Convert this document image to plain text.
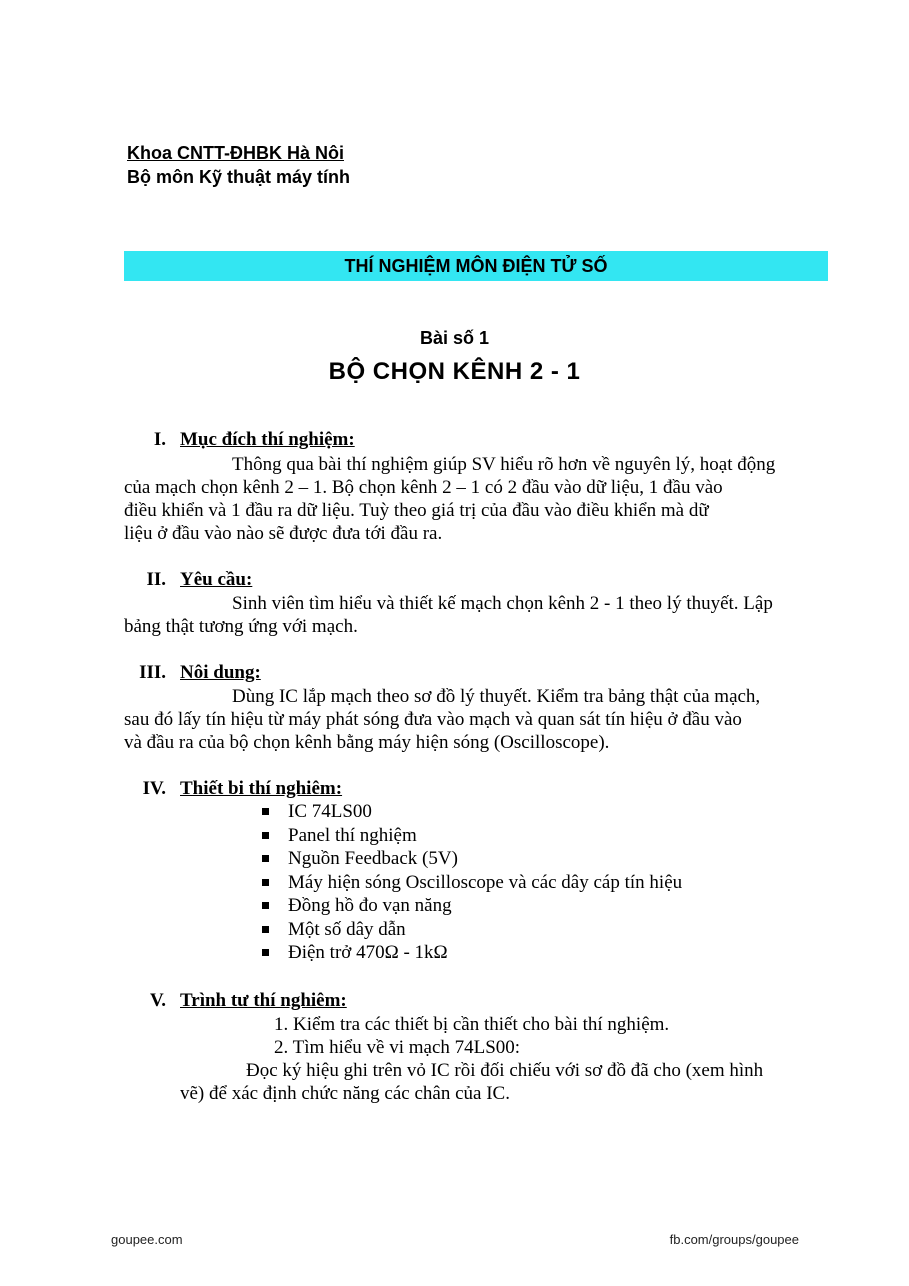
Khoa CNTT-ĐHBK Hà Nôi
Bộ môn Kỹ thuật máy tính
THÍ NGHIỆM MÔN ĐIỆN TỬ SỐ
Bài số 1
BỘ CHỌN KÊNH 2 - 1
I. Mục đích thí nghiệm:
Thông qua bài thí nghiệm giúp SV hiểu rõ hơn về nguyên lý, hoạt động
của mạch chọn kênh 2 – 1. Bộ chọn kênh 2 – 1 có 2 đầu vào dữ liệu, 1 đầu vào
điều khiển và 1 đầu ra dữ liệu. Tuỳ theo giá trị của đầu vào điều khiển mà dữ
liệu ở đầu vào nào sẽ được đưa tới đầu ra.
II. Yêu cầu:
Sinh viên tìm hiểu và thiết kế mạch chọn kênh 2 - 1 theo lý thuyết. Lập
bảng thật tương ứng với mạch.
III. Nôi dung:
Dùng IC lắp mạch theo sơ đồ lý thuyết. Kiểm tra bảng thật của mạch,
sau đó lấy tín hiệu từ máy phát sóng đưa vào mạch và quan sát tín hiệu ở đầu vào
và đầu ra của bộ chọn kênh bằng máy hiện sóng (Oscilloscope).
IV. Thiết bi thí nghiêm:
IC 74LS00
Panel thí nghiệm
Nguồn Feedback (5V)
Máy hiện sóng Oscilloscope và các dây cáp tín hiệu
Đồng hồ đo vạn năng
Một số dây dẫn
Điện trở 470Ω - 1kΩ
V. Trình tư thí nghiêm:
1. Kiểm tra các thiết bị cần thiết cho bài thí nghiệm.
2. Tìm hiểu về vi mạch 74LS00:
Đọc ký hiệu ghi trên vỏ IC rồi đối chiếu với sơ đồ đã cho (xem hình
vẽ) để xác định chức năng các chân của IC.
goupee.com	fb.com/groups/goupee
